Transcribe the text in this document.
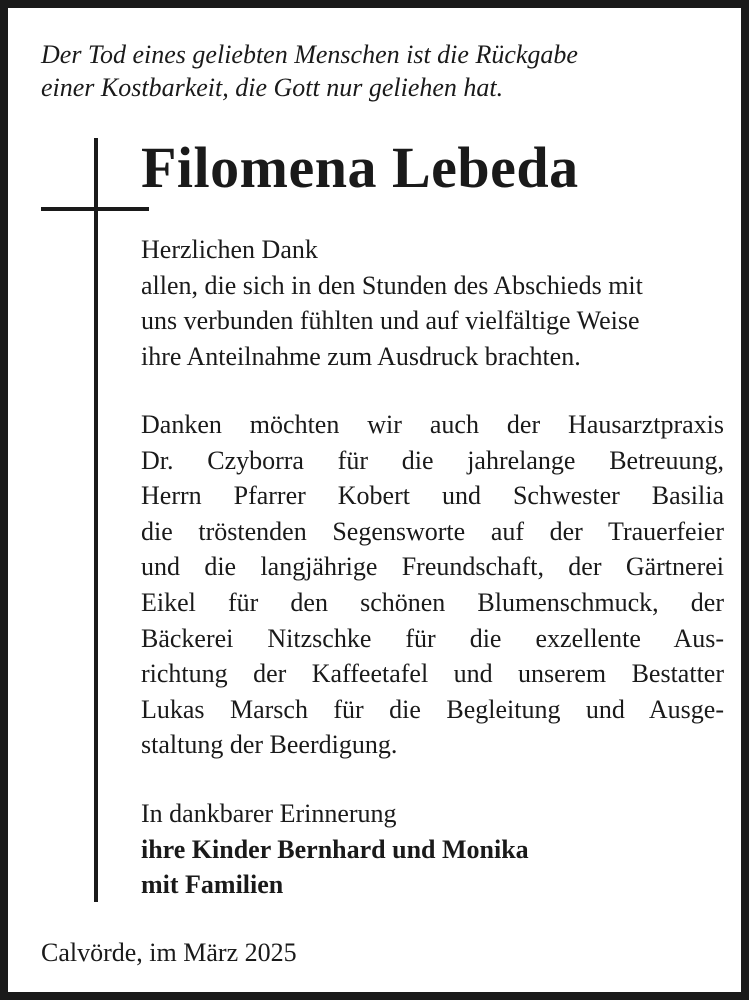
Der Tod eines geliebten Menschen ist die Rückgabe
einer Kostbarkeit, die Gott nur geliehen hat.
Filomena Lebeda
Herzlichen Dank
allen, die sich in den Stunden des Abschieds mit
uns verbunden fühlten und auf vielfältige Weise
ihre Anteilnahme zum Ausdruck brachten.
Danken möchten wir auch der Hausarztpraxis
Dr. Czyborra für die jahrelange Betreuung,
Herrn Pfarrer Kobert und Schwester Basilia
die tröstenden Segensworte auf der Trauerfeier
und die langjährige Freundschaft, der Gärtnerei
Eikel für den schönen Blumenschmuck, der
Bäckerei Nitzschke für die exzellente Aus-
richtung der Kaffeetafel und unserem Bestatter
Lukas Marsch für die Begleitung und Ausge-
staltung der Beerdigung.
In dankbarer Erinnerung
ihre Kinder Bernhard und Monika
mit Familien
Calvörde, im März 2025
